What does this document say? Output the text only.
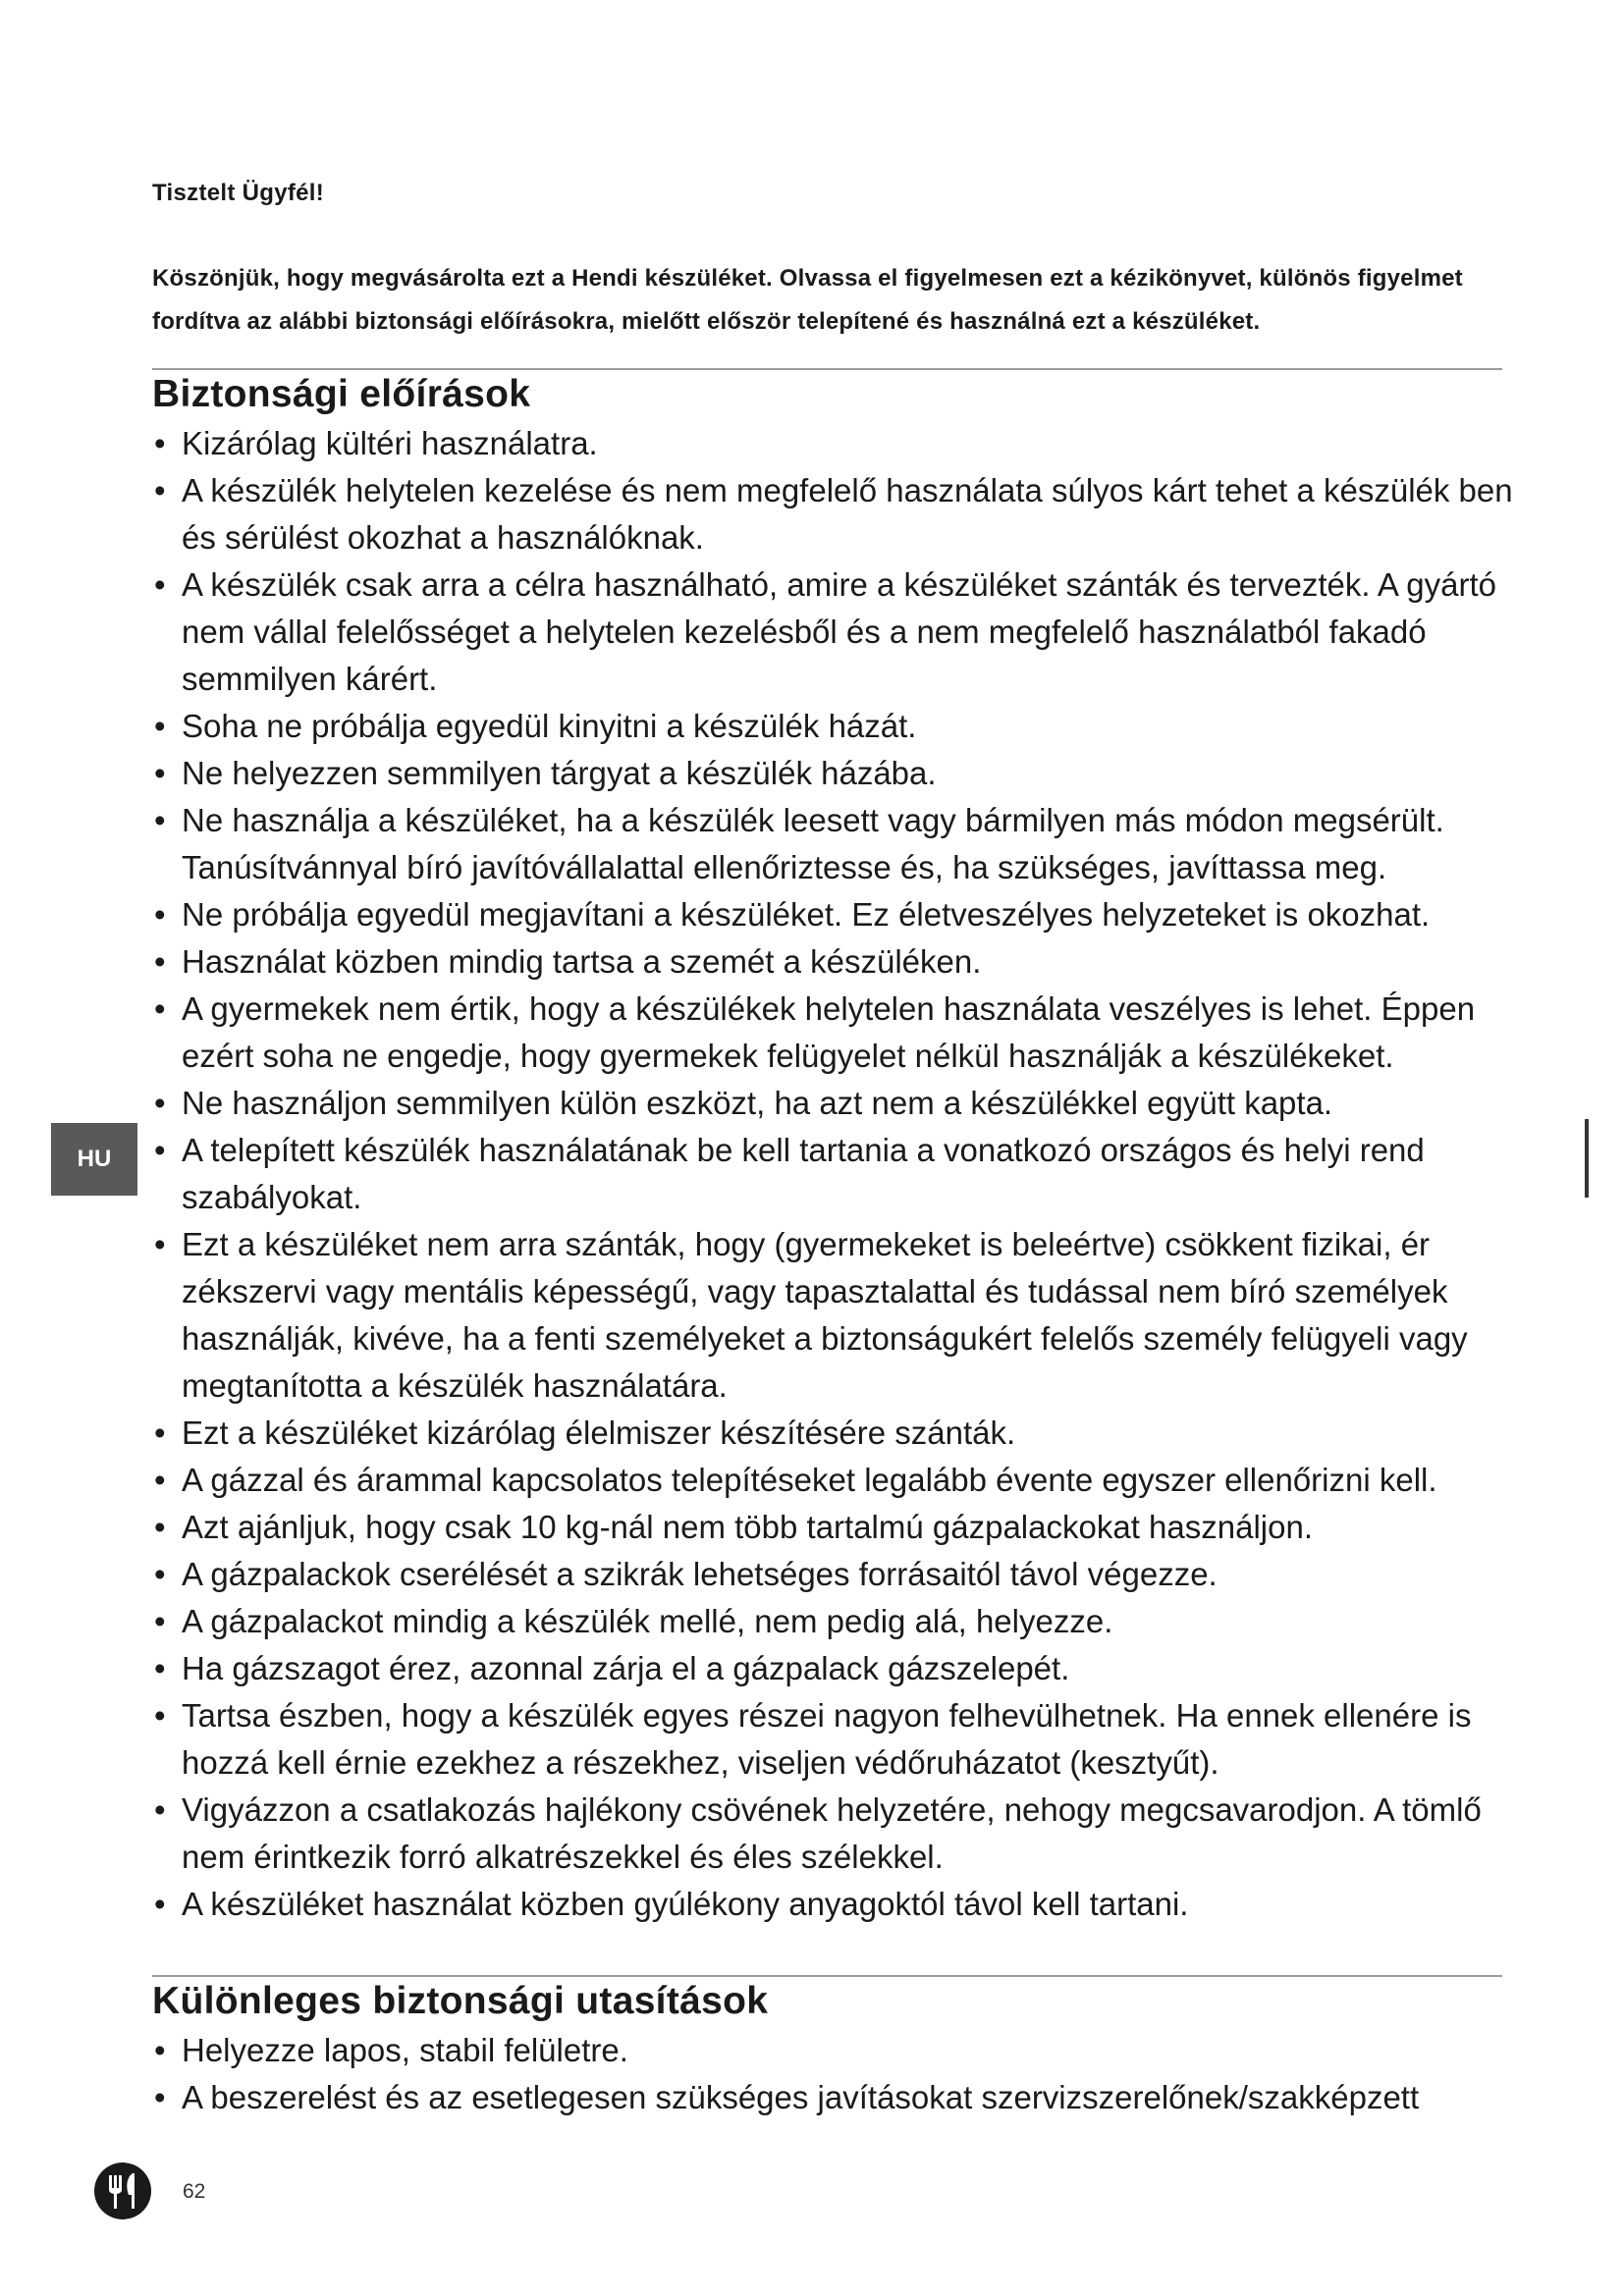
Tisztelt Ügyfél!
Köszönjük, hogy megvásárolta ezt a Hendi készüléket. Olvassa el figyelmesen ezt a kézikönyvet, különös figyelmet fordítva az alábbi biztonsági előírásokra, mielőtt először telepítené és használná ezt a készüléket.
Biztonsági előírások
• Kizárólag kültéri használatra.
• A készülék helytelen kezelése és nem megfelelő használata súlyos kárt tehet a készülék ben és sérülést okozhat a használóknak.
• A készülék csak arra a célra használható, amire a készüléket szánták és tervezték. A gyártó nem vállal felelősséget a helytelen kezelésből és a nem megfelelő használatból fakadó semmilyen kárért.
• Soha ne próbálja egyedül kinyitni a készülék házát.
• Ne helyezzen semmilyen tárgyat a készülék házába.
• Ne használja a készüléket, ha a készülék leesett vagy bármilyen más módon megsérült. Tanúsítvánnyal bíró javítóvállalattal ellenőriztesse és, ha szükséges, javíttassa meg.
• Ne próbálja egyedül megjavítani a készüléket. Ez életveszélyes helyzeteket is okozhat.
• Használat közben mindig tartsa a szemét a készüléken.
• A gyermekek nem értik, hogy a készülékek helytelen használata veszélyes is lehet. Éppen ezért soha ne engedje, hogy gyermekek felügyelet nélkül használják a készülékeket.
• Ne használjon semmilyen külön eszközt, ha azt nem a készülékkel együtt kapta.
• A telepített készülék használatának be kell tartania a vonatkozó országos és helyi rend szabályokat.
• Ezt a készüléket nem arra szánták, hogy (gyermekeket is beleértve) csökkent fizikai, ér zékszervi vagy mentális képességű, vagy tapasztalattal és tudással nem bíró személyek használják, kivéve, ha a fenti személyeket a biztonságukért felelős személy felügyeli vagy megtanította a készülék használatára.
• Ezt a készüléket kizárólag élelmiszer készítésére szánták.
• A gázzal és árammal kapcsolatos telepítéseket legalább évente egyszer ellenőrizni kell.
• Azt ajánljuk, hogy csak 10 kg-nál nem több tartalmú gázpalackokat használjon.
• A gázpalackok cserélését a szikrák lehetséges forrásaitól távol végezze.
• A gázpalackot mindig a készülék mellé, nem pedig alá, helyezze.
• Ha gázszagot érez, azonnal zárja el a gázpalack gázszelepét.
• Tartsa észben, hogy a készülék egyes részei nagyon felhevülhetnek. Ha ennek ellenére is hozzá kell érnie ezekhez a részekhez, viseljen védőruházatot (kesztyűt).
• Vigyázzon a csatlakozás hajlékony csövének helyzetére, nehogy megcsavarodjon. A tömlő nem érintkezik forró alkatrészekkel és éles szélekkel.
• A készüléket használat közben gyúlékony anyagoktól távol kell tartani.
Különleges biztonsági utasítások
• Helyezze lapos, stabil felületre.
• A beszerelést és az esetlegesen szükséges javításokat szervizszerelőnek/szakképzett
HU
62
